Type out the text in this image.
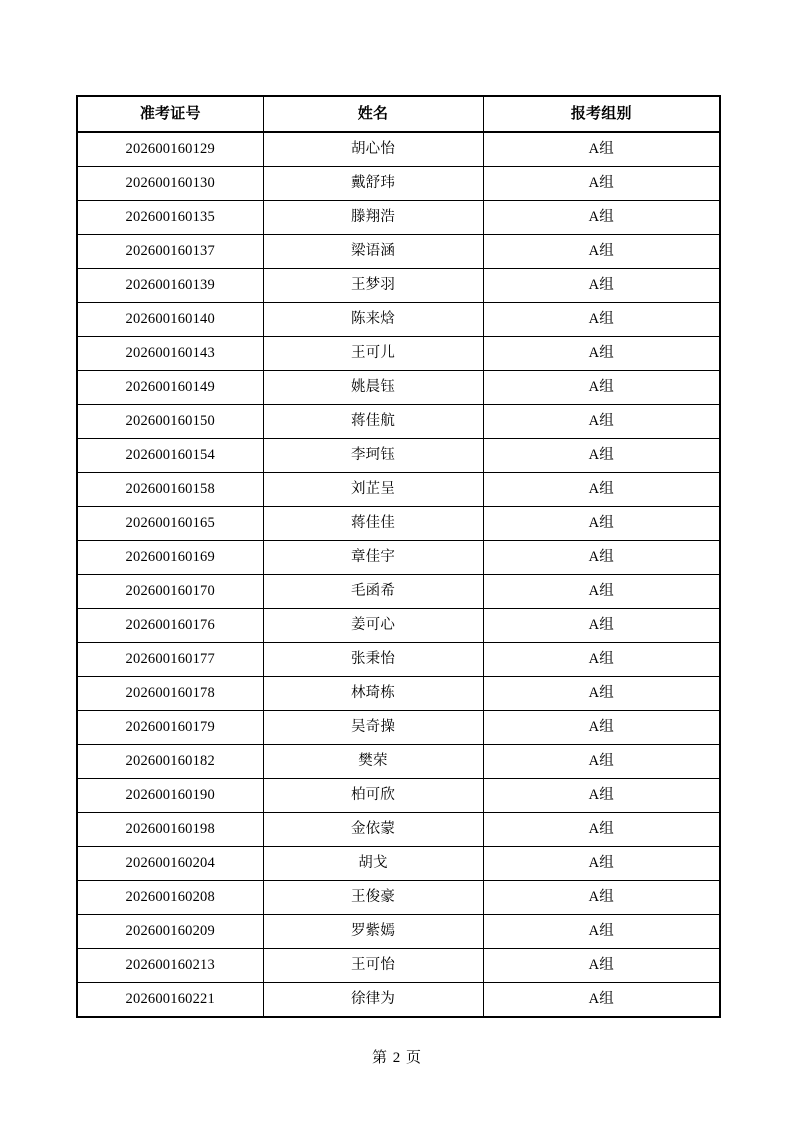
准考证号	姓名	报考组别
202600160129	胡心怡	A组
202600160130	戴舒玮	A组
202600160135	滕翔浩	A组
202600160137	梁语涵	A组
202600160139	王梦羽	A组
202600160140	陈来焓	A组
202600160143	王可儿	A组
202600160149	姚晨钰	A组
202600160150	蒋佳航	A组
202600160154	李珂钰	A组
202600160158	刘芷呈	A组
202600160165	蒋佳佳	A组
202600160169	章佳宇	A组
202600160170	毛函希	A组
202600160176	姜可心	A组
202600160177	张秉怡	A组
202600160178	林琦栋	A组
202600160179	吴奇操	A组
202600160182	樊荣	A组
202600160190	柏可欣	A组
202600160198	金依蒙	A组
202600160204	胡戈	A组
202600160208	王俊豪	A组
202600160209	罗紫嫣	A组
202600160213	王可怡	A组
202600160221	徐律为	A组
第 2 页
